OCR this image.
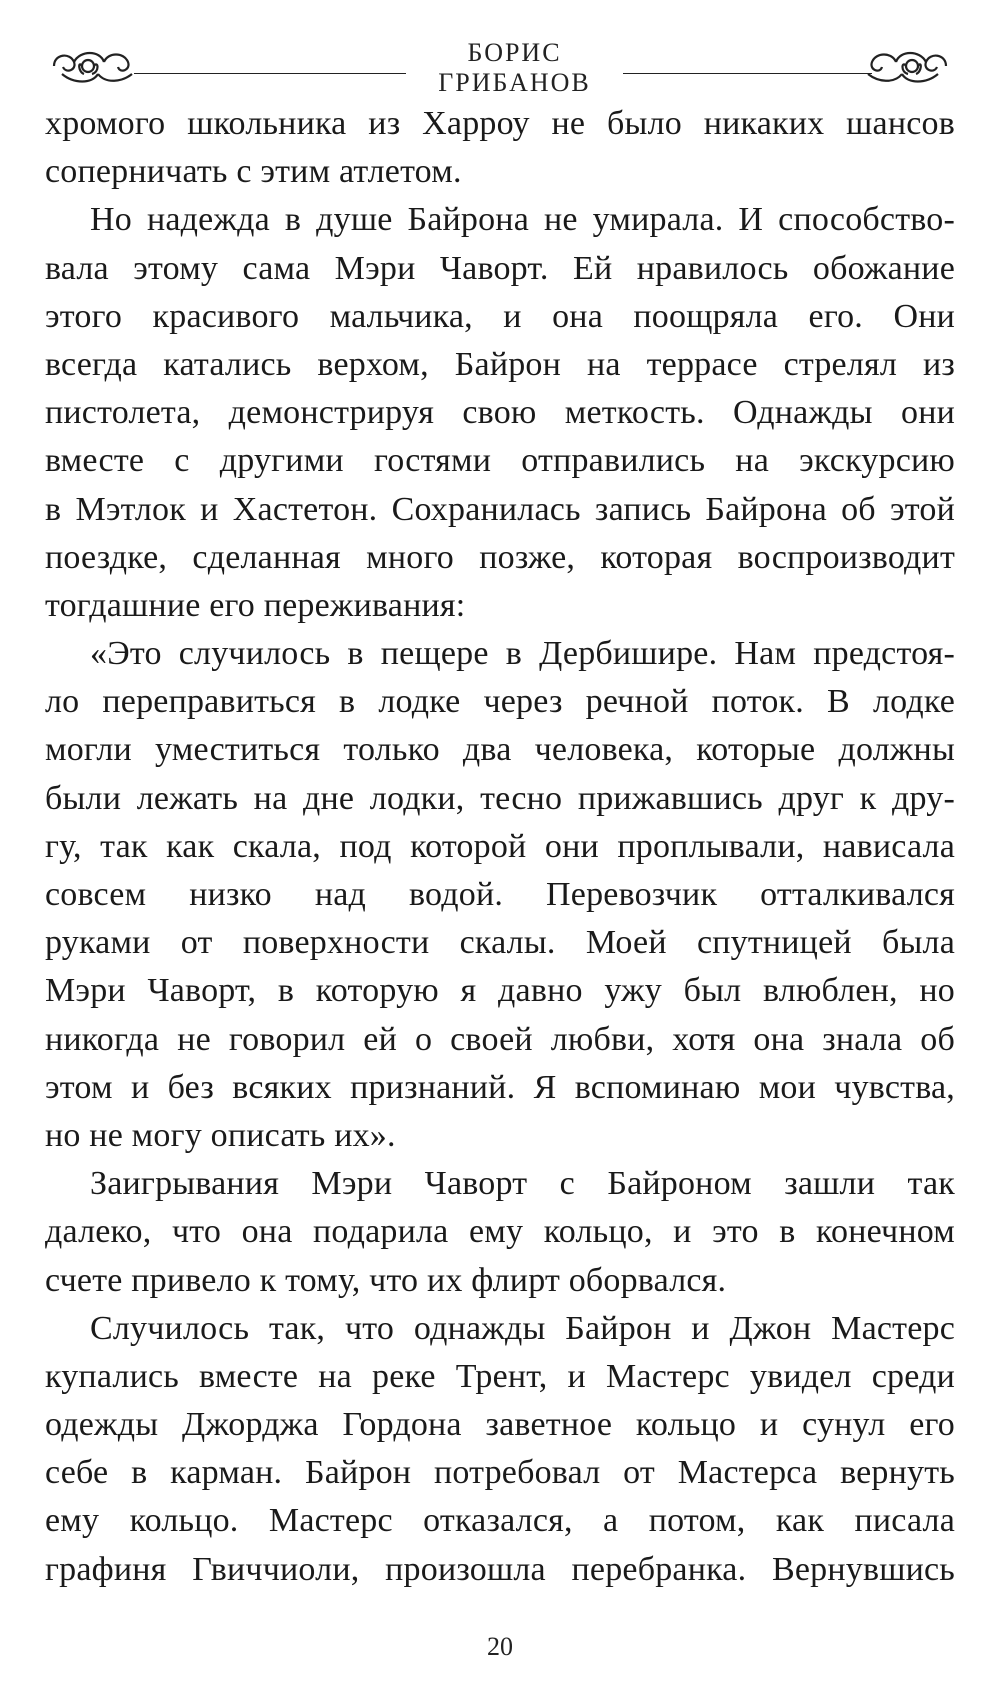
БОРИС ГРИБАНОВ
хромого школьника из Харроу не было никаких шансов
соперничать с этим атлетом.
Но надежда в душе Байрона не умирала. И способство-
вала этому сама Мэри Чаворт. Ей нравилось обожание
этого красивого мальчика, и она поощряла его. Они
всегда катались верхом, Байрон на террасе стрелял из
пистолета, демонстрируя свою меткость. Однажды они
вместе с другими гостями отправились на экскурсию
в Мэтлок и Хастетон. Сохранилась запись Байрона об этой
поездке, сделанная много позже, которая воспроизводит
тогдашние его переживания:
«Это случилось в пещере в Дербишире. Нам предстоя-
ло переправиться в лодке через речной поток. В лодке
могли уместиться только два человека, которые должны
были лежать на дне лодки, тесно прижавшись друг к дру-
гу, так как скала, под которой они проплывали, нависала
совсем низко над водой. Перевозчик отталкивался
руками от поверхности скалы. Моей спутницей была
Мэри Чаворт, в которую я давно ужу был влюблен, но
никогда не говорил ей о своей любви, хотя она знала об
этом и без всяких признаний. Я вспоминаю мои чувства,
но не могу описать их».
Заигрывания Мэри Чаворт с Байроном зашли так
далеко, что она подарила ему кольцо, и это в конечном
счете привело к тому, что их флирт оборвался.
Случилось так, что однажды Байрон и Джон Мастерс
купались вместе на реке Трент, и Мастерс увидел среди
одежды Джорджа Гордона заветное кольцо и сунул его
себе в карман. Байрон потребовал от Мастерса вернуть
ему кольцо. Мастерс отказался, а потом, как писала
графиня Гвиччиоли, произошла перебранка. Вернувшись
20
